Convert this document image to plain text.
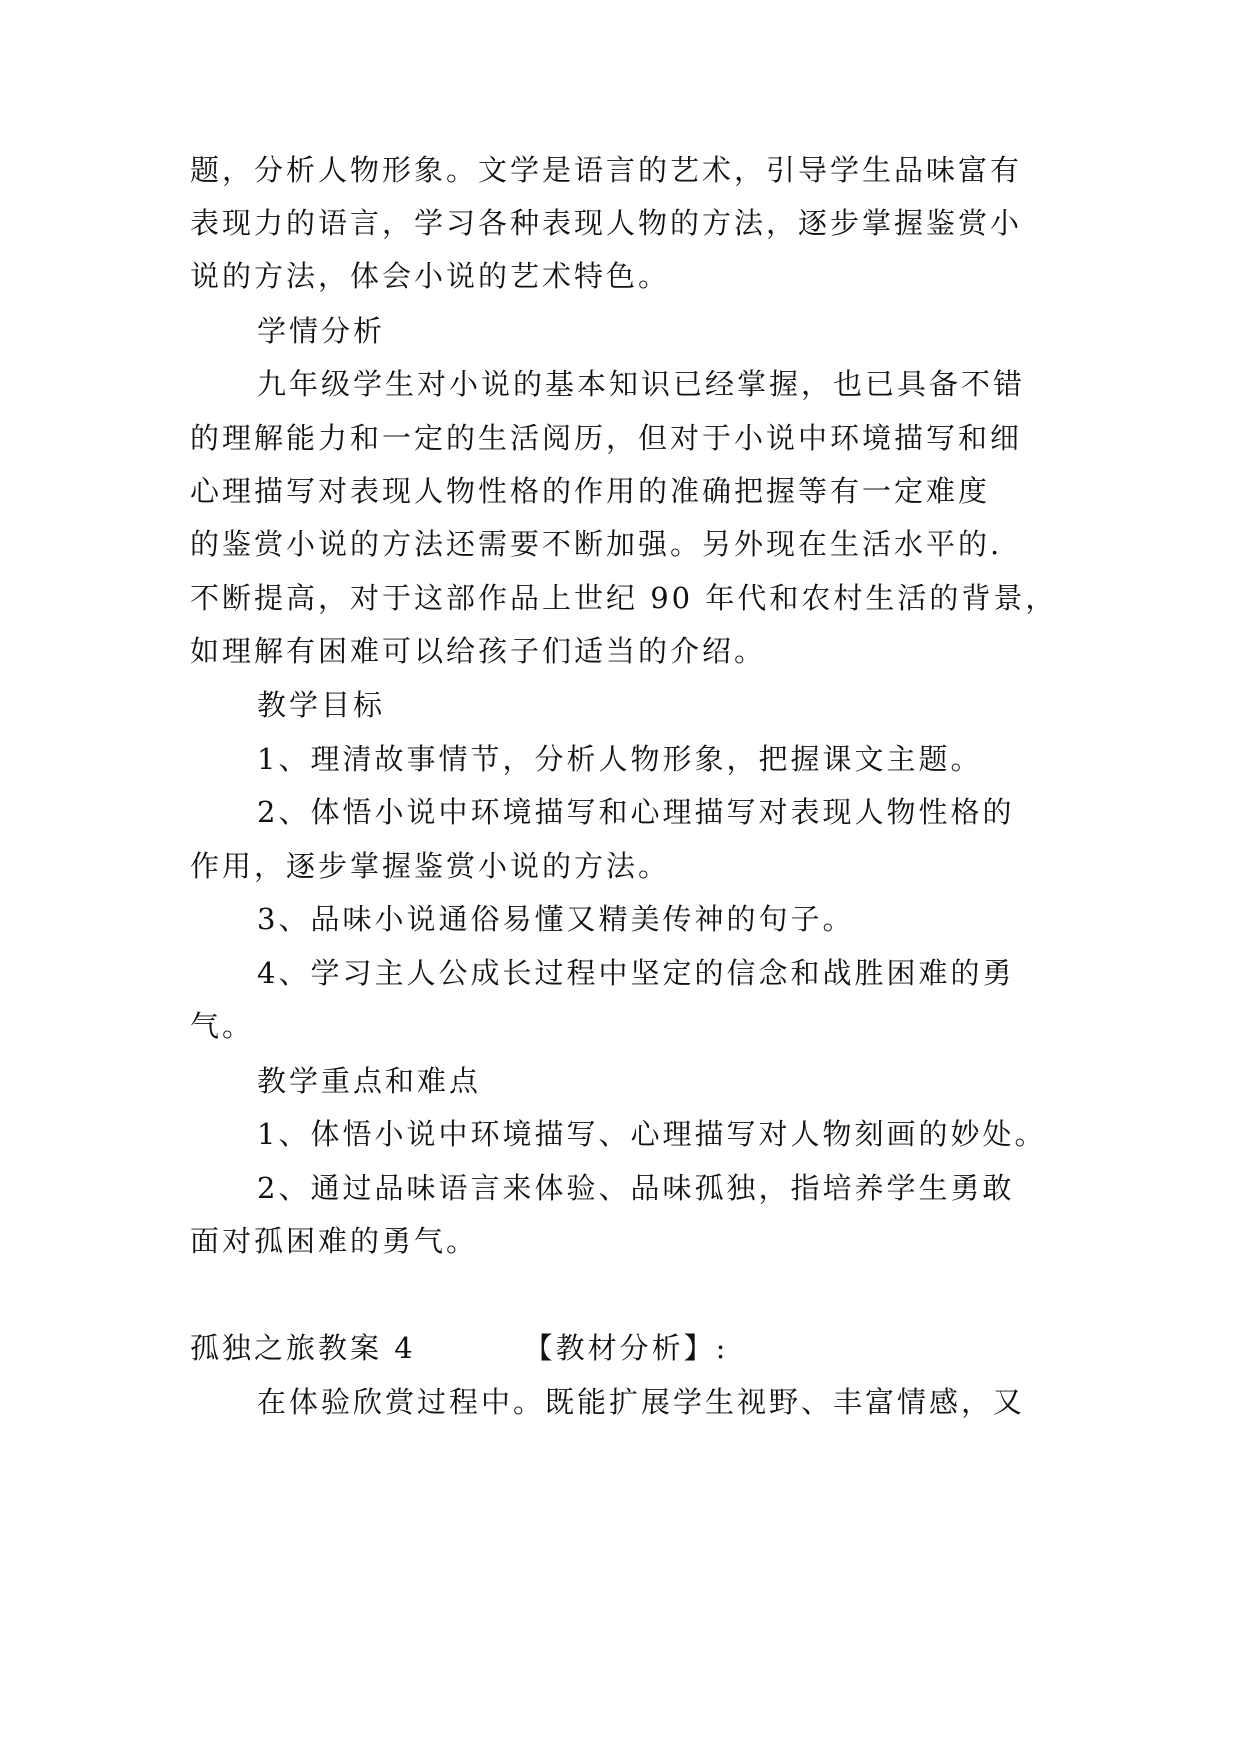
题，分析人物形象。文学是语言的艺术，引导学生品味富有
表现力的语言，学习各种表现人物的方法，逐步掌握鉴赏小
说的方法，体会小说的艺术特色。
学情分析
九年级学生对小说的基本知识已经掌握，也已具备不错
的理解能力和一定的生活阅历，但对于小说中环境描写和细
心理描写对表现人物性格的作用的准确把握等有一定难度
的鉴赏小说的方法还需要不断加强。另外现在生活水平的.
不断提高，对于这部作品上世纪 90 年代和农村生活的背景，
如理解有困难可以给孩子们适当的介绍。
教学目标
1、理清故事情节，分析人物形象，把握课文主题。
2、体悟小说中环境描写和心理描写对表现人物性格的
作用，逐步掌握鉴赏小说的方法。
3、品味小说通俗易懂又精美传神的句子。
4、学习主人公成长过程中坚定的信念和战胜困难的勇
气。
教学重点和难点
1、体悟小说中环境描写、心理描写对人物刻画的妙处。
2、通过品味语言来体验、品味孤独，指培养学生勇敢
面对孤困难的勇气。
孤独之旅教案 4	【教材分析】:
在体验欣赏过程中。既能扩展学生视野、丰富情感，又
